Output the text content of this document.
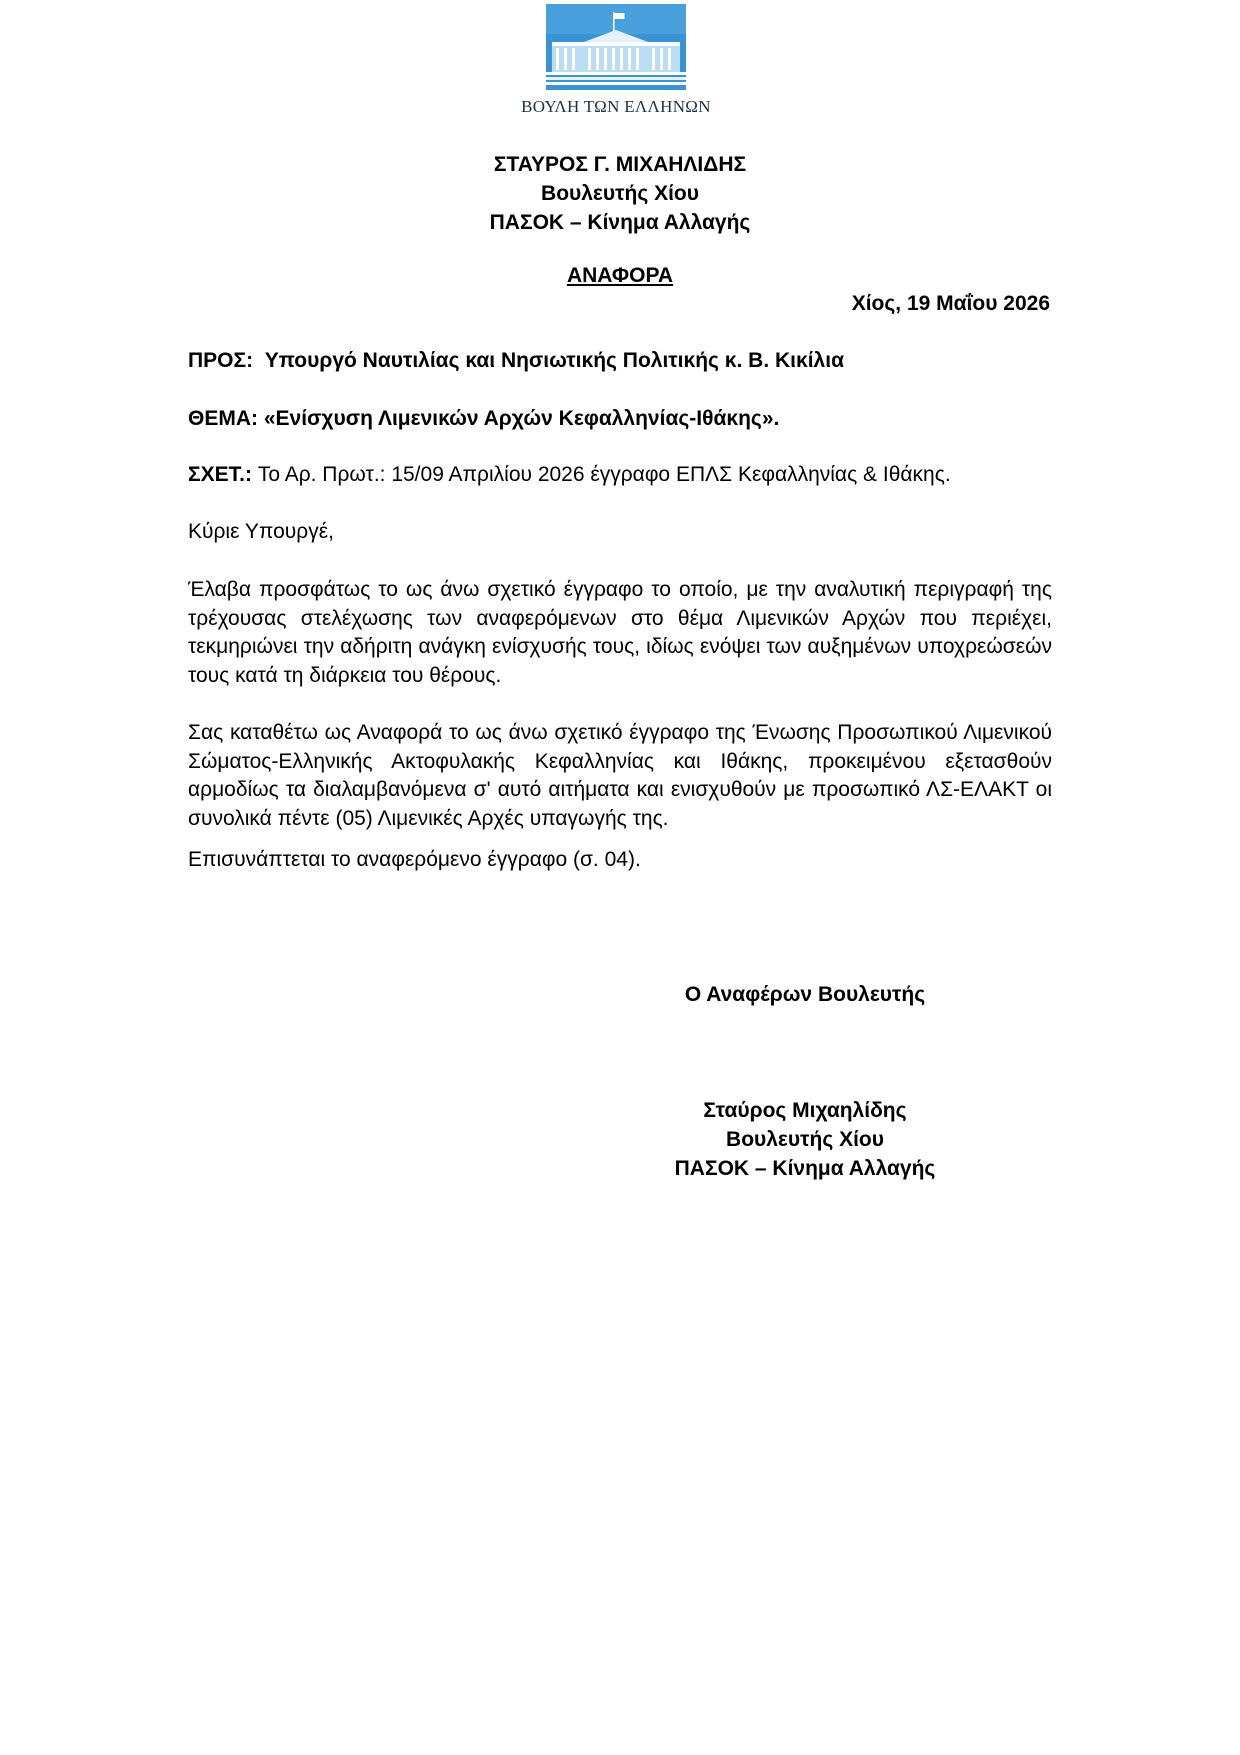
ΒΟΥΛΗ ΤΩΝ ΕΛΛΗΝΩΝ
ΣΤΑΥΡΟΣ Γ. ΜΙΧΑΗΛΙΔΗΣ
Βουλευτής Χίου
ΠΑΣΟΚ – Κίνημα Αλλαγής
ΑΝΑΦΟΡΑ
Χίος, 19 Μαΐου 2026
ΠΡΟΣ: Υπουργό Ναυτιλίας και Νησιωτικής Πολιτικής κ. Β. Κικίλια
ΘΕΜΑ: «Ενίσχυση Λιμενικών Αρχών Κεφαλληνίας-Ιθάκης».
ΣΧΕΤ.: Το Αρ. Πρωτ.: 15/09 Απριλίου 2026 έγγραφο ΕΠΛΣ Κεφαλληνίας & Ιθάκης.
Κύριε Υπουργέ,
Έλαβα προσφάτως το ως άνω σχετικό έγγραφο το οποίο, με την αναλυτική περιγραφή της τρέχουσας στελέχωσης των αναφερόμενων στο θέμα Λιμενικών Αρχών που περιέχει, τεκμηριώνει την αδήριτη ανάγκη ενίσχυσής τους, ιδίως ενόψει των αυξημένων υποχρεώσεών τους κατά τη διάρκεια του θέρους.
Σας καταθέτω ως Αναφορά το ως άνω σχετικό έγγραφο της Ένωσης Προσωπικού Λιμενικού Σώματος-Ελληνικής Ακτοφυλακής Κεφαλληνίας και Ιθάκης, προκειμένου εξετασθούν αρμοδίως τα διαλαμβανόμενα σ' αυτό αιτήματα και ενισχυθούν με προσωπικό ΛΣ-ΕΛΑΚΤ οι συνολικά πέντε (05) Λιμενικές Αρχές υπαγωγής της.
Επισυνάπτεται το αναφερόμενο έγγραφο (σ. 04).
Ο Αναφέρων Βουλευτής
Σταύρος Μιχαηλίδης
Βουλευτής Χίου
ΠΑΣΟΚ – Κίνημα Αλλαγής
